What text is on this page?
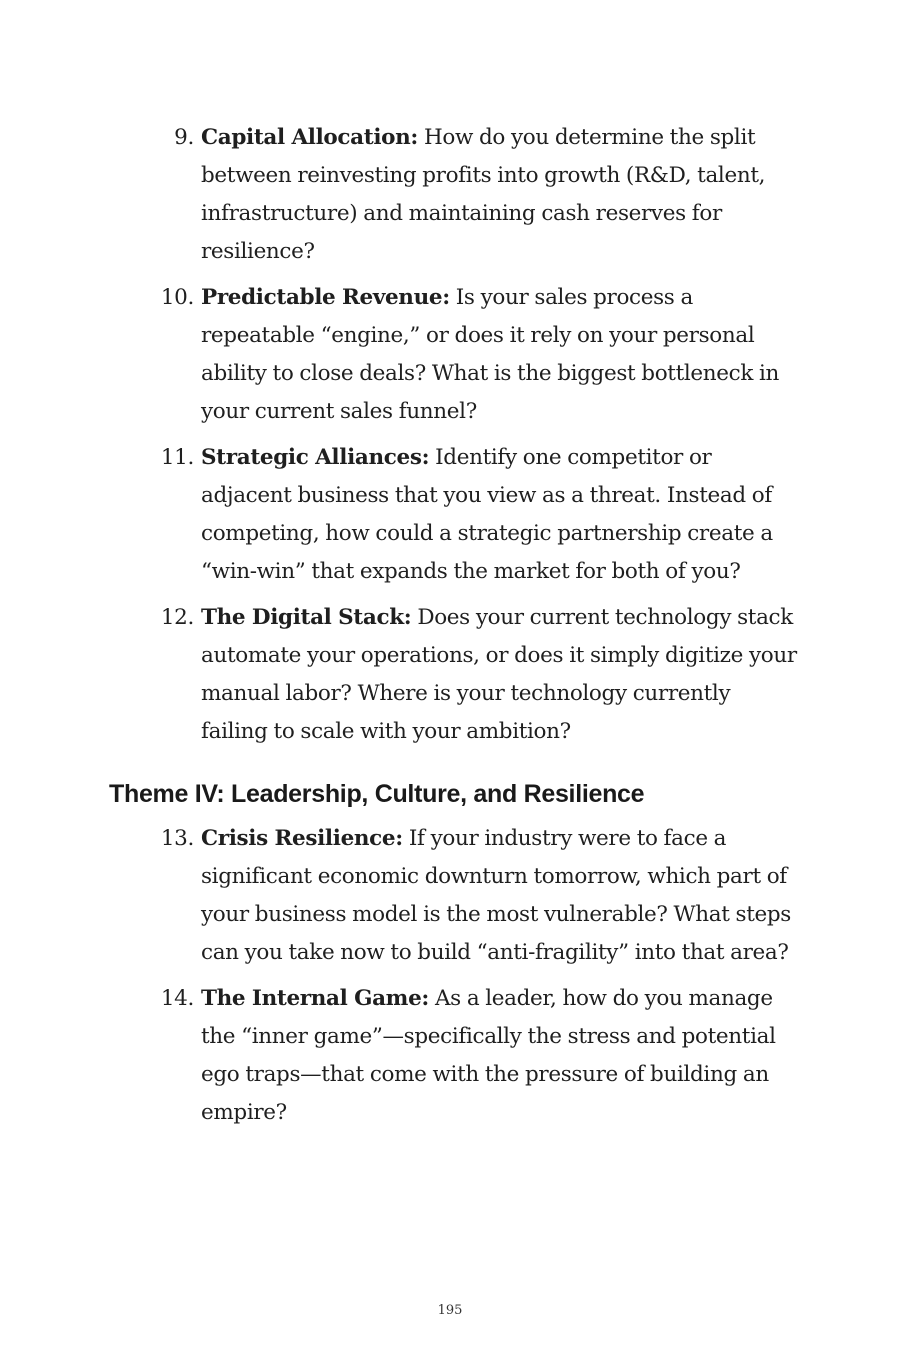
9. Capital Allocation: How do you determine the split between reinvesting profits into growth (R&D, talent, infrastructure) and maintaining cash reserves for resilience?

10. Predictable Revenue: Is your sales process a repeatable “engine,” or does it rely on your personal ability to close deals? What is the biggest bottleneck in your current sales funnel?

11. Strategic Alliances: Identify one competitor or adjacent business that you view as a threat. Instead of competing, how could a strategic partnership create a “win-win” that expands the market for both of you?

12. The Digital Stack: Does your current technology stack automate your operations, or does it simply digitize your manual labor? Where is your technology currently failing to scale with your ambition?

Theme IV: Leadership, Culture, and Resilience

13. Crisis Resilience: If your industry were to face a significant economic downturn tomorrow, which part of your business model is the most vulnerable? What steps can you take now to build “anti-fragility” into that area?

14. The Internal Game: As a leader, how do you manage the “inner game”—specifically the stress and potential ego traps—that come with the pressure of building an empire?

195
